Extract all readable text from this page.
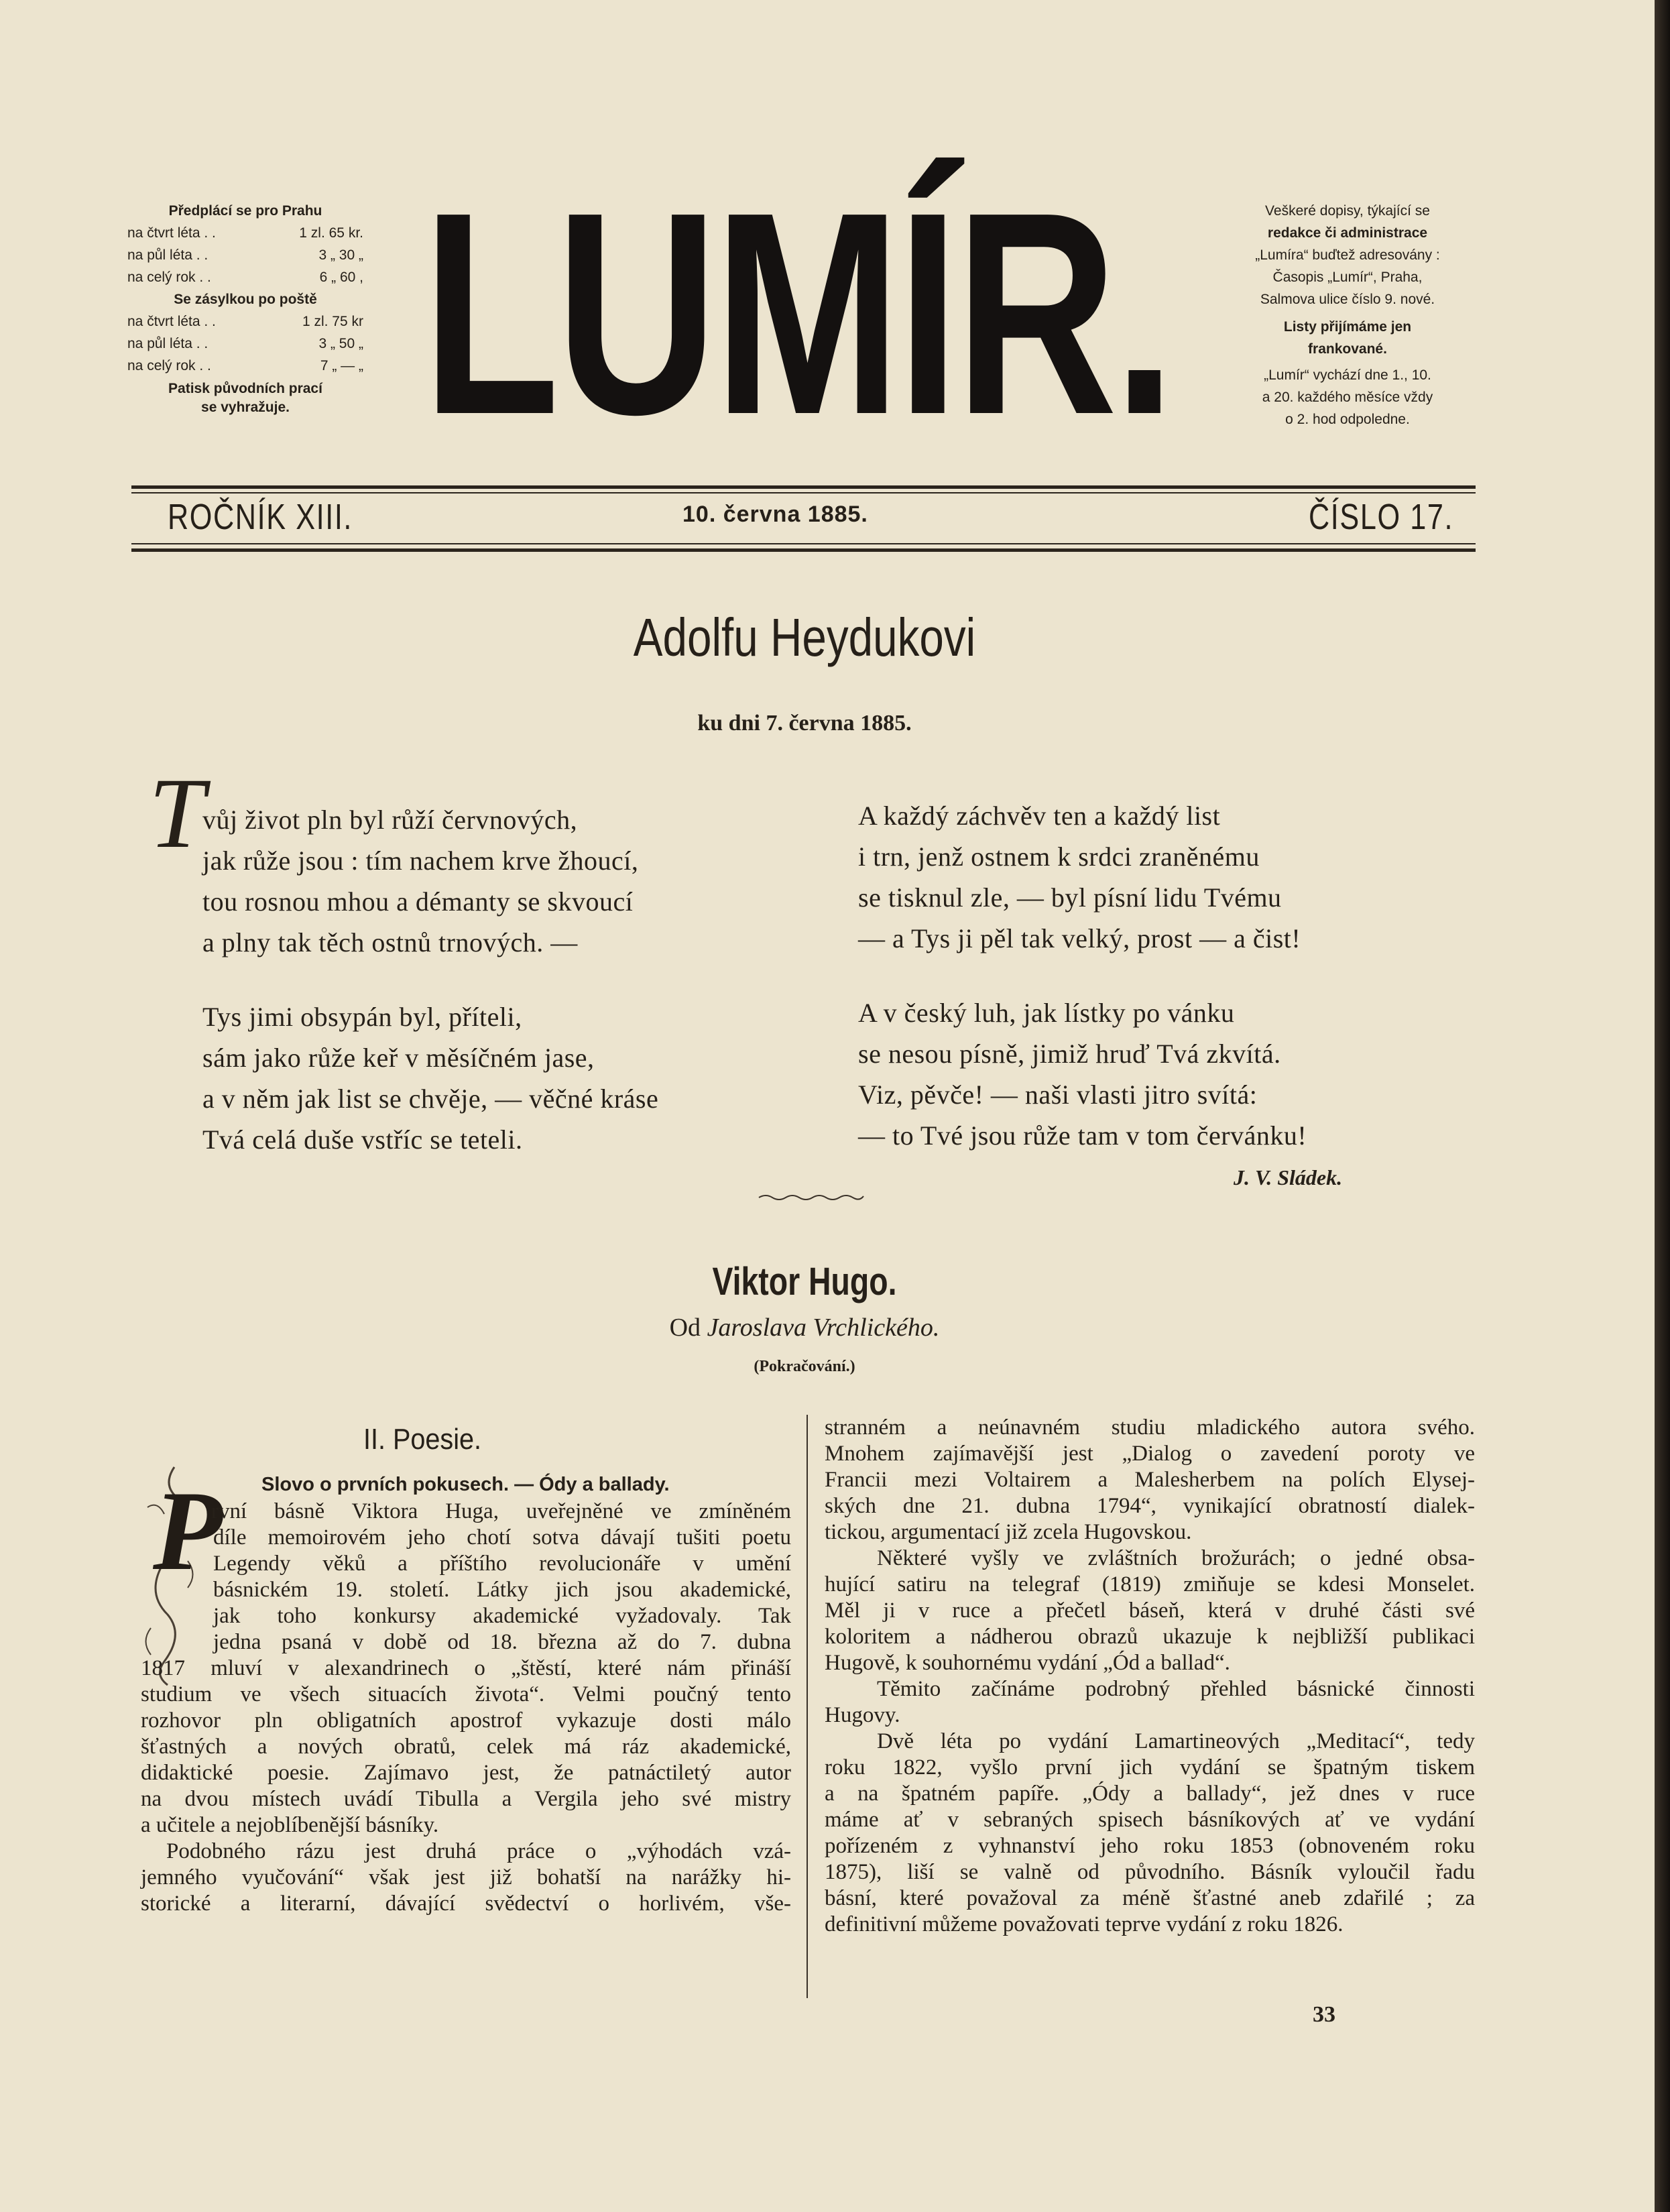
Předplácí se pro Prahu
na čtvrt léta . .	1 zl. 65 kr.
na půl léta . .	3 „ 30 „
na celý rok . .	6 „ 60 ,
Se zásylkou po poště
na čtvrt léta . .	1 zl. 75 kr
na půl léta . .	3 „ 50 „
na celý rok . .	7 „ — „
Patisk původních prací
se vyhražuje. LUMÍR.	Veškeré dopisy, týkající se
redakce či administrace
„Lumíra“ buďtež adresovány :
Časopis „Lumír“, Praha,
Salmova ulice číslo 9. nové.
Listy přijímáme jen
frankované.
„Lumír“ vychází dne 1., 10.
a 20. každého měsíce vždy
o 2. hod odpoledne.
ROČNÍK XIII.	10. června 1885.	ČÍSLO 17.
Adolfu Heydukovi
ku dni 7. června 1885.
T
vůj život pln byl růží červnových,
jak růže jsou : tím nachem krve žhoucí,
tou rosnou mhou a démanty se skvoucí
a plny tak těch ostnů trnových. —
Tys jimi obsypán byl, příteli,
sám jako růže keř v měsíčném jase,
a v něm jak list se chvěje, — věčné krásе
Tvá celá duše vstříc se teteli.
A každý záchvěv ten a každý list
i trn, jenž ostnem k srdci zraněnému
se tisknul zle, — byl písní lidu Tvému
— a Tys ji pěl tak velký, prost — a čist!
A v český luh, jak lístky po vánku
se nesou písně, jimiž hruď Tvá zkvítá.
Viz, pěvče! — naši vlasti jitro svítá:
— to Tvé jsou růže tam v tom červánku!
J. V. Sládek.
Viktor Hugo.
Od Jaroslava Vrchlického.
(Pokračování.)
II. Poesie.
Slovo o prvních pokusech. — Ódy a ballady.
P
rvní básně Viktora Huga, uveřejněné ve zmíněném
díle memoirovém jeho chotí sotva dávají tušiti poetu
Legendy věků a příštího revolucionáře v umění
básnickém 19. století. Látky jich jsou akademické,
jak toho konkursy akademické vyžadovaly. Tak
jedna psaná v době od 18. března až do 7. dubna
1817 mluví v alexandrinech o „štěstí, které nám přináší
studium ve všech situacích života“. Velmi poučný tento
rozhovor pln obligatních apostrof vykazuje dosti málo
šťastných a nových obratů, celek má ráz akademické,
didaktické poesie. Zajímavo jest, že patnáctiletý autor
na dvou místech uvádí Tibulla a Vergila jeho své mistry
a učitele a nejoblíbenější básníky.
Podobného rázu jest druhá práce o „výhodách vzá-
jemného vyučování“ však jest již bohatší na narážky hi-
storické a literarní, dávající svědectví o horlivém, vše-
stranném a neúnavném studiu mladického autora svého.
Mnohem zajímavější jest „Dialog o zavedení poroty ve
Francii mezi Voltairem a Malesherbem na polích Elysej-
ských dne 21. dubna 1794“, vynikající obratností dialek-
tickou, argumentací již zcela Hugovskou.
Některé vyšly ve zvláštních brožurách; o jedné obsa-
hující satiru na telegraf (1819) zmiňuje se kdesi Monselet.
Měl ji v ruce a přečetl báseň, která v druhé části své
koloritem a nádherou obrazů ukazuje k nejbližší publikaci
Hugově, k souhornému vydání „Ód a ballad“.
Těmito začínáme podrobný přehled básnické činnosti
Hugovy.
Dvě léta po vydání Lamartineových „Meditací“, tedy
roku 1822, vyšlo první jich vydání se špatným tiskem
a na špatném papíře. „Ódy a ballady“, jež dnes v ruce
máme ať v sebraných spisech básníkových ať ve vydání
pořízeném z vyhnanství jeho roku 1853 (obnoveném roku
1875), liší se valně od původního. Básník vyloučil řadu
básní, které považoval za méně šťastné aneb zdařilé ; za
definitivní můžeme považovati teprve vydání z roku 1826.
33
